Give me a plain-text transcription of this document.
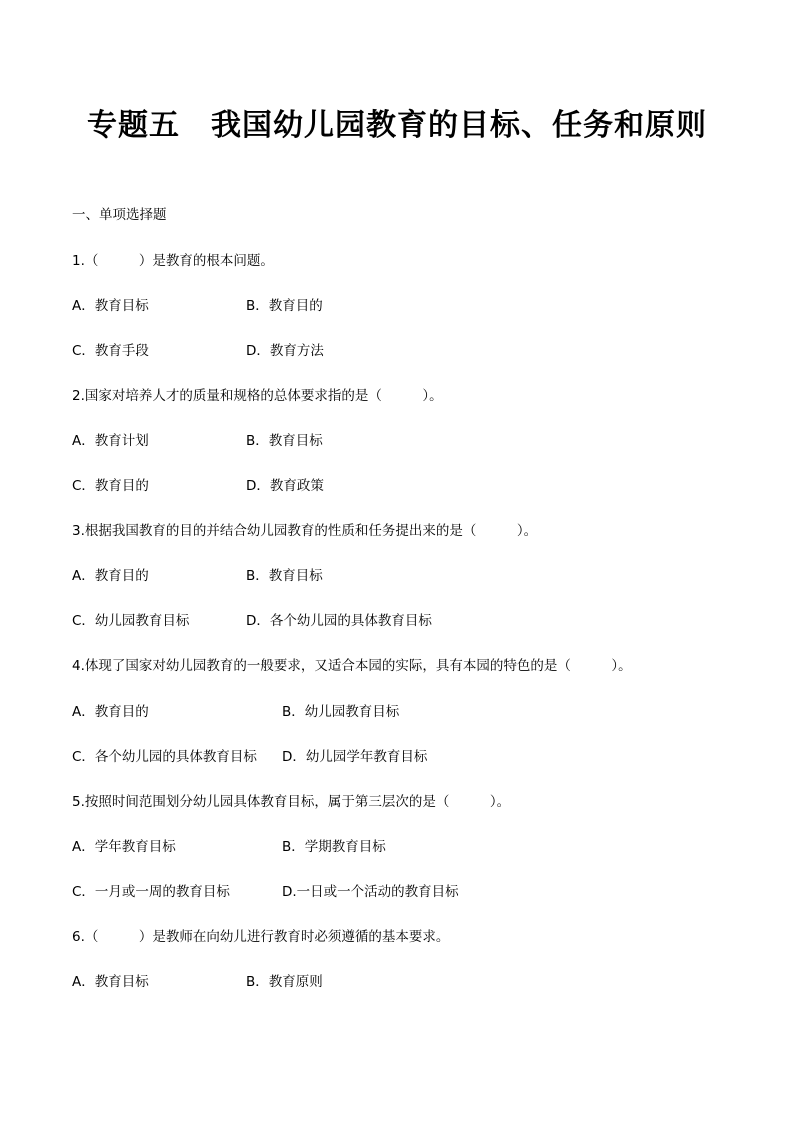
专题五　我国幼儿园教育的目标、任务和原则
一、单项选择题
1.（　　　）是教育的根本问题。
A．教育目标	B．教育目的
C．教育手段	D．教育方法
2.国家对培养人才的质量和规格的总体要求指的是（　　　）。
A．教育计划	B．教育目标
C．教育目的	D．教育政策
3.根据我国教育的目的并结合幼儿园教育的性质和任务提出来的是（　　　）。
A．教育目的	B．教育目标
C．幼儿园教育目标	D．各个幼儿园的具体教育目标
4.体现了国家对幼儿园教育的一般要求，又适合本园的实际，具有本园的特色的是（　　　）。
A．教育目的	B．幼儿园教育目标
C．各个幼儿园的具体教育目标 D．幼儿园学年教育目标
5.按照时间范围划分幼儿园具体教育目标，属于第三层次的是（　　　）。
A．学年教育目标	B．学期教育目标
C．一月或一周的教育目标	D.一日或一个活动的教育目标
6.（　　　）是教师在向幼儿进行教育时必须遵循的基本要求。
A．教育目标	B．教育原则
